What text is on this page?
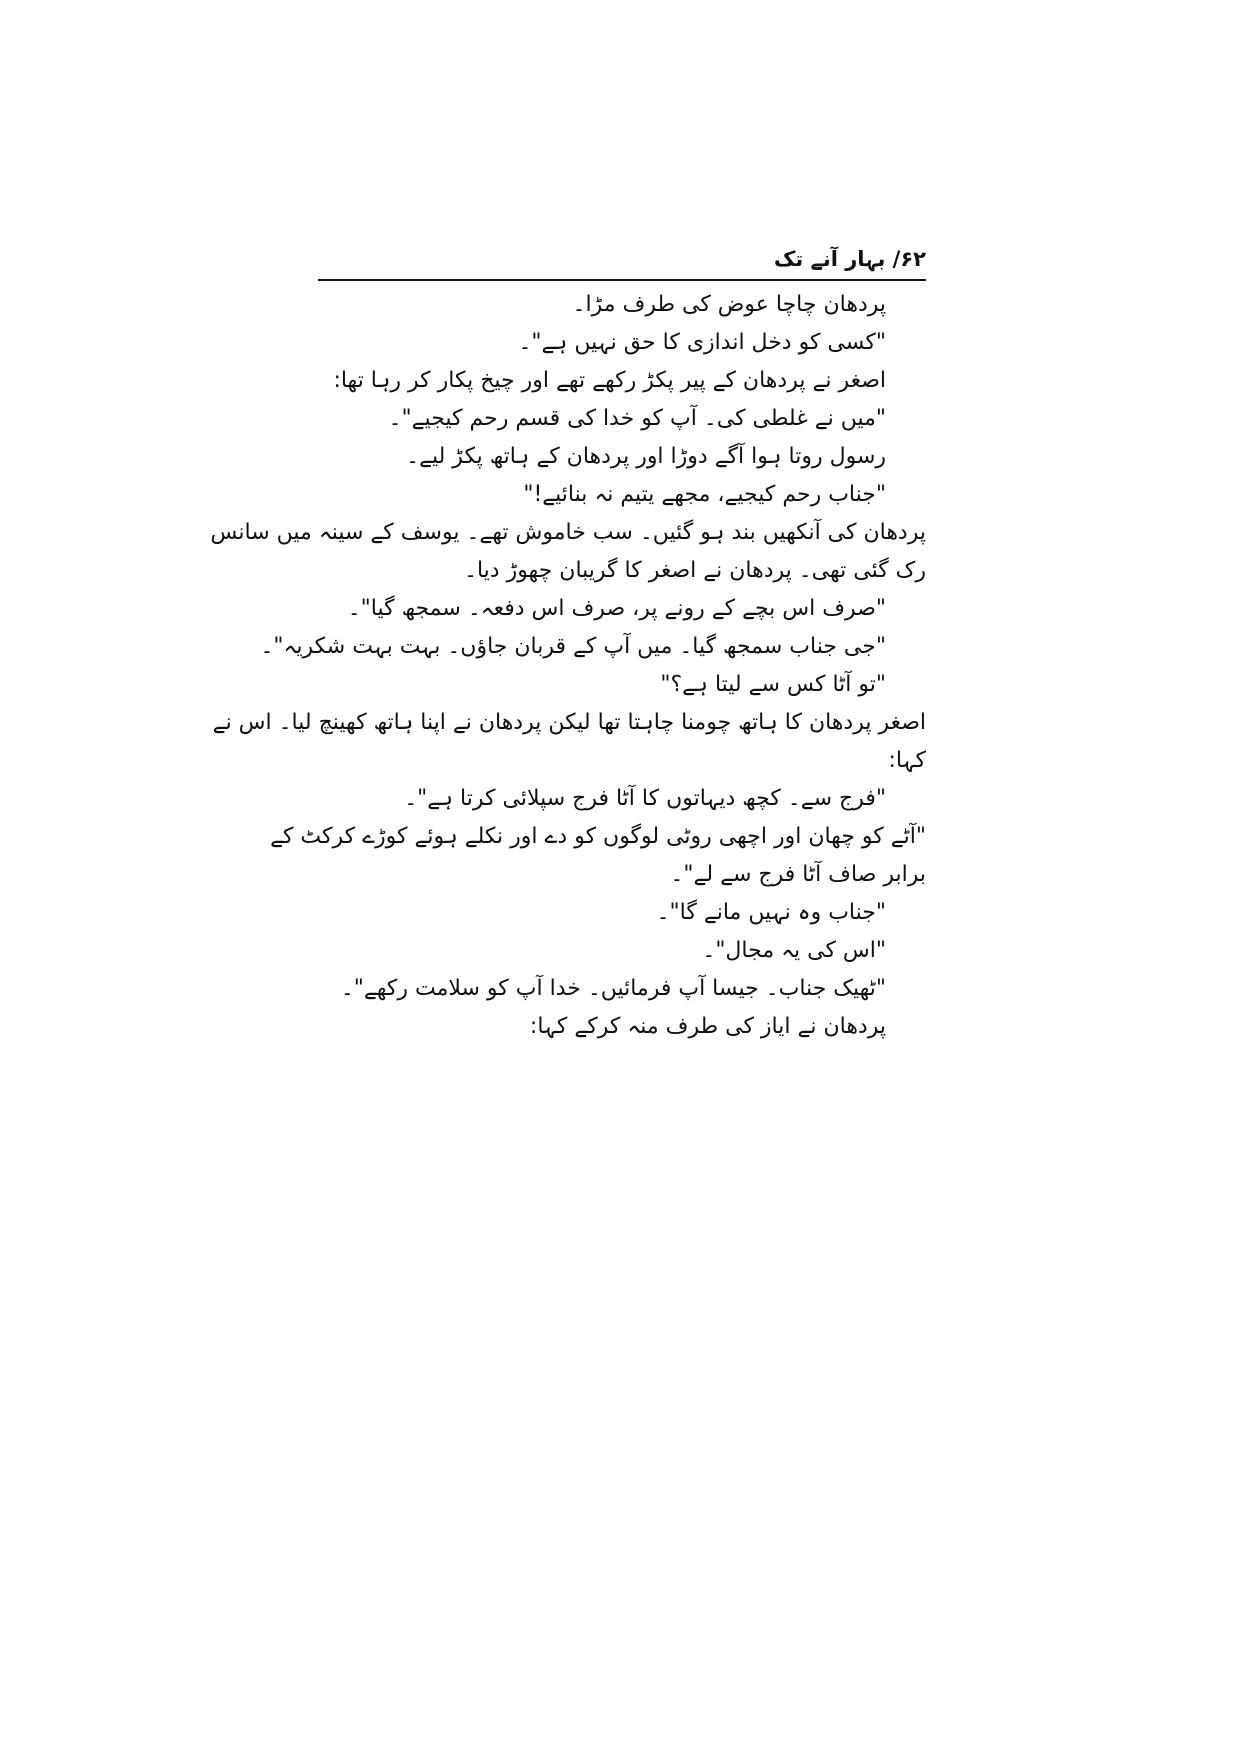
۶۲/ بہار آنے تک
پردھان چاچا عوض کی طرف مڑا۔
"کسی کو دخل اندازی کا حق نہیں ہے"۔
اصغر نے پردھان کے پیر پکڑ رکھے تھے اور چیخ پکار کر رہا تھا:
"میں نے غلطی کی۔ آپ کو خدا کی قسم رحم کیجیے"۔
رسول روتا ہوا آگے دوڑا اور پردھان کے ہاتھ پکڑ لیے۔
"جناب رحم کیجیے، مجھے یتیم نہ بنائیے!"
پردھان کی آنکھیں بند ہو گئیں۔ سب خاموش تھے۔ یوسف کے سینہ میں سانس
رک گئی تھی۔ پردھان نے اصغر کا گریبان چھوڑ دیا۔
"صرف اس بچے کے رونے پر، صرف اس دفعہ۔ سمجھ گیا"۔
"جی جناب سمجھ گیا۔ میں آپ کے قربان جاؤں۔ بہت بہت شکریہ"۔
"تو آٹا کس سے لیتا ہے؟"
اصغر پردھان کا ہاتھ چومنا چاہتا تھا لیکن پردھان نے اپنا ہاتھ کھینچ لیا۔ اس نے
کہا:
"فرج سے۔ کچھ دیہاتوں کا آٹا فرج سپلائی کرتا ہے"۔
"آٹے کو چھان اور اچھی روٹی لوگوں کو دے اور نکلے ہوئے کوڑے کرکٹ کے
برابر صاف آٹا فرج سے لے"۔
"جناب وہ نہیں مانے گا"۔
"اس کی یہ مجال"۔
"ٹھیک جناب۔ جیسا آپ فرمائیں۔ خدا آپ کو سلامت رکھے"۔
پردھان نے ایاز کی طرف منہ کرکے کہا:
